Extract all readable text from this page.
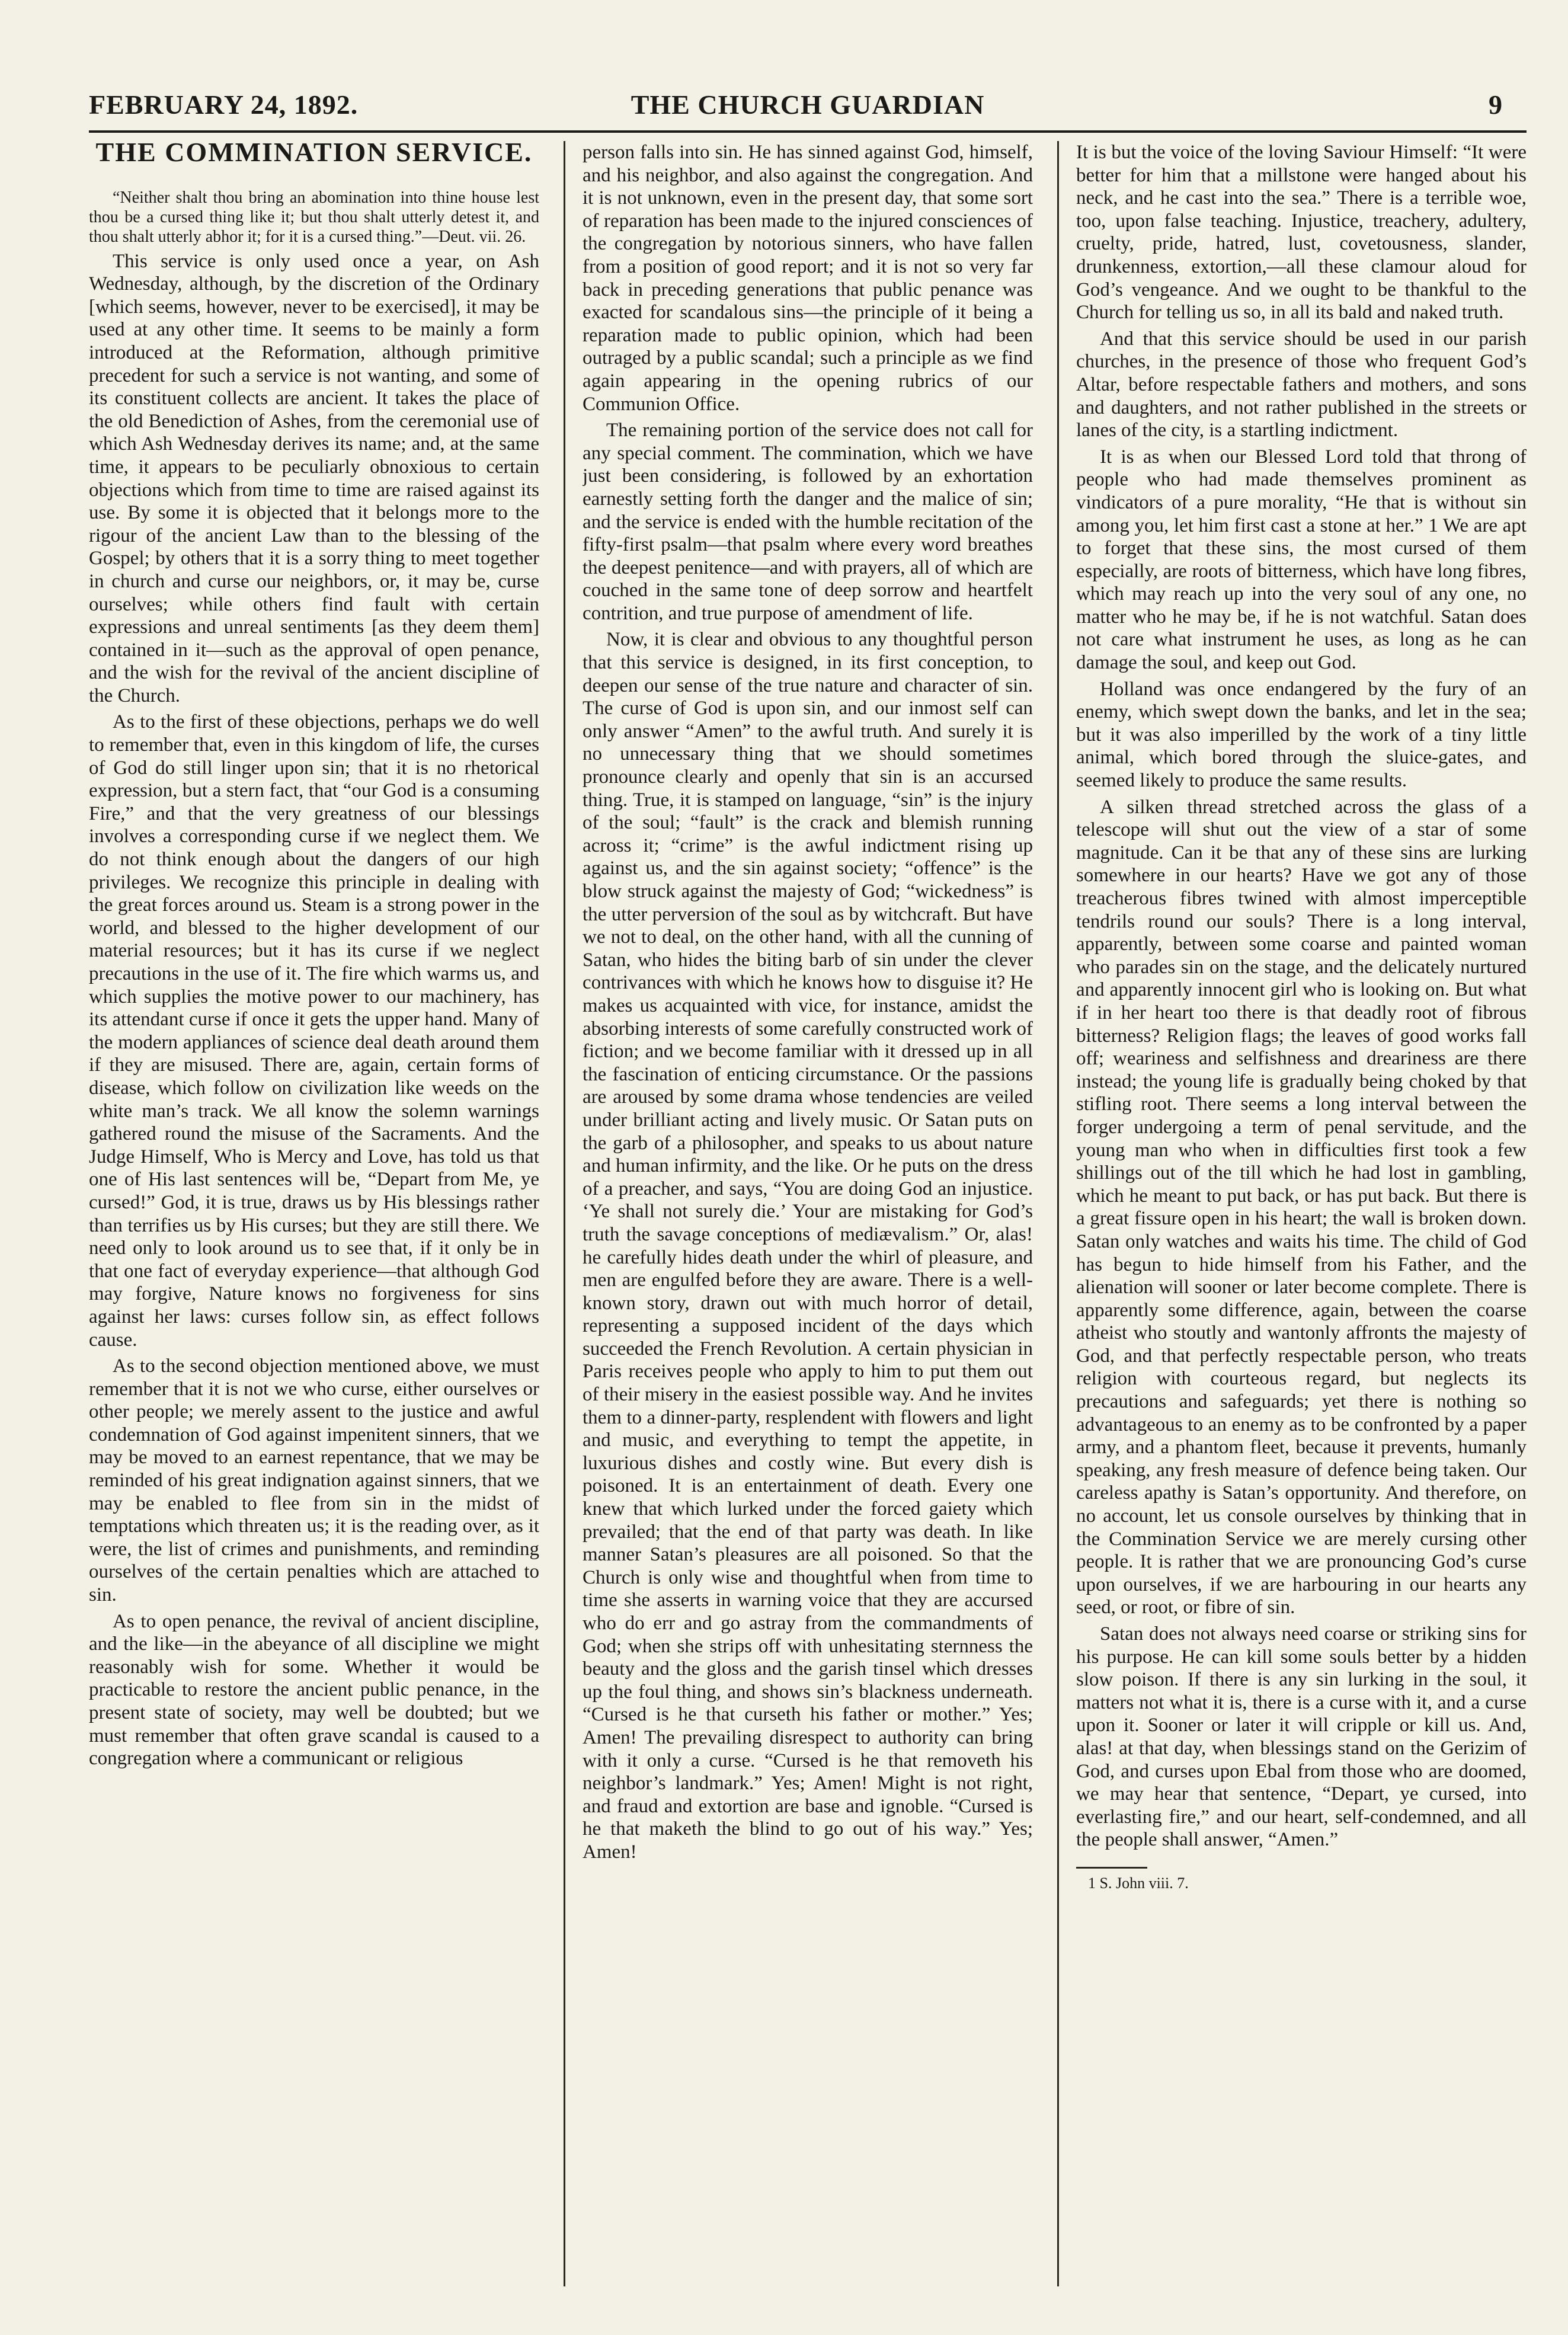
FEBRUARY 24, 1892.	THE CHURCH GUARDIAN	9
THE COMMINATION SERVICE.

“Neither shalt thou bring an abomination into thine house lest thou be a cursed thing like it; but thou shalt utterly detest it, and thou shalt utterly abhor it; for it is a cursed thing.”—Deut. vii. 26.

This service is only used once a year, on Ash Wednesday, although, by the discretion of the Ordinary [which seems, however, never to be exercised], it may be used at any other time. It seems to be mainly a form introduced at the Reformation, although primitive precedent for such a service is not wanting, and some of its constituent collects are ancient. It takes the place of the old Benediction of Ashes, from the ceremonial use of which Ash Wednesday derives its name; and, at the same time, it appears to be peculiarly obnoxious to certain objections which from time to time are raised against its use. By some it is objected that it belongs more to the rigour of the ancient Law than to the blessing of the Gospel; by others that it is a sorry thing to meet together in church and curse our neighbors, or, it may be, curse ourselves; while others find fault with certain expressions and unreal sentiments [as they deem them] contained in it—such as the approval of open penance, and the wish for the revival of the ancient discipline of the Church.

As to the first of these objections, perhaps we do well to remember that, even in this kingdom of life, the curses of God do still linger upon sin; that it is no rhetorical expression, but a stern fact, that “our God is a consuming Fire,” and that the very greatness of our blessings involves a corresponding curse if we neglect them. We do not think enough about the dangers of our high privileges. We recognize this principle in dealing with the great forces around us. Steam is a strong power in the world, and blessed to the higher development of our material resources; but it has its curse if we neglect precautions in the use of it. The fire which warms us, and which supplies the motive power to our machinery, has its attendant curse if once it gets the upper hand. Many of the modern appliances of science deal death around them if they are misused. There are, again, certain forms of disease, which follow on civilization like weeds on the white man’s track. We all know the solemn warnings gathered round the misuse of the Sacraments. And the Judge Himself, Who is Mercy and Love, has told us that one of His last sentences will be, “Depart from Me, ye cursed!” God, it is true, draws us by His blessings rather than terrifies us by His curses; but they are still there. We need only to look around us to see that, if it only be in that one fact of everyday experience—that although God may forgive, Nature knows no forgiveness for sins against her laws: curses follow sin, as effect follows cause.

As to the second objection mentioned above, we must remember that it is not we who curse, either ourselves or other people; we merely assent to the justice and awful condemnation of God against impenitent sinners, that we may be moved to an earnest repentance, that we may be reminded of his great indignation against sinners, that we may be enabled to flee from sin in the midst of temptations which threaten us; it is the reading over, as it were, the list of crimes and punishments, and reminding ourselves of the certain penalties which are attached to sin.

As to open penance, the revival of ancient discipline, and the like—in the abeyance of all discipline we might reasonably wish for some. Whether it would be practicable to restore the ancient public penance, in the present state of society, may well be doubted; but we must remember that often grave scandal is caused to a congregation where a communicant or religious

person falls into sin. He has sinned against God, himself, and his neighbor, and also against the congregation. And it is not unknown, even in the present day, that some sort of reparation has been made to the injured consciences of the congregation by notorious sinners, who have fallen from a position of good report; and it is not so very far back in preceding generations that public penance was exacted for scandalous sins—the principle of it being a reparation made to public opinion, which had been outraged by a public scandal; such a principle as we find again appearing in the opening rubrics of our Communion Office.

The remaining portion of the service does not call for any special comment. The commination, which we have just been considering, is followed by an exhortation earnestly setting forth the danger and the malice of sin; and the service is ended with the humble recitation of the fifty-first psalm—that psalm where every word breathes the deepest penitence—and with prayers, all of which are couched in the same tone of deep sorrow and heartfelt contrition, and true purpose of amendment of life.

Now, it is clear and obvious to any thoughtful person that this service is designed, in its first conception, to deepen our sense of the true nature and character of sin. The curse of God is upon sin, and our inmost self can only answer “Amen” to the awful truth. And surely it is no unnecessary thing that we should sometimes pronounce clearly and openly that sin is an accursed thing. True, it is stamped on language, “sin” is the injury of the soul; “fault” is the crack and blemish running across it; “crime” is the awful indictment rising up against us, and the sin against society; “offence” is the blow struck against the majesty of God; “wickedness” is the utter perversion of the soul as by witchcraft. But have we not to deal, on the other hand, with all the cunning of Satan, who hides the biting barb of sin under the clever contrivances with which he knows how to disguise it? He makes us acquainted with vice, for instance, amidst the absorbing interests of some carefully constructed work of fiction; and we become familiar with it dressed up in all the fascination of enticing circumstance. Or the passions are aroused by some drama whose tendencies are veiled under brilliant acting and lively music. Or Satan puts on the garb of a philosopher, and speaks to us about nature and human infirmity, and the like. Or he puts on the dress of a preacher, and says, “You are doing God an injustice. ‘Ye shall not surely die.’ Your are mistaking for God’s truth the savage conceptions of mediævalism.” Or, alas! he carefully hides death under the whirl of pleasure, and men are engulfed before they are aware. There is a well-known story, drawn out with much horror of detail, representing a supposed incident of the days which succeeded the French Revolution. A certain physician in Paris receives people who apply to him to put them out of their misery in the easiest possible way. And he invites them to a dinner-party, resplendent with flowers and light and music, and everything to tempt the appetite, in luxurious dishes and costly wine. But every dish is poisoned. It is an entertainment of death. Every one knew that which lurked under the forced gaiety which prevailed; that the end of that party was death. In like manner Satan’s pleasures are all poisoned. So that the Church is only wise and thoughtful when from time to time she asserts in warning voice that they are accursed who do err and go astray from the commandments of God; when she strips off with unhesitating sternness the beauty and the gloss and the garish tinsel which dresses up the foul thing, and shows sin’s blackness underneath. “Cursed is he that curseth his father or mother.” Yes; Amen! The prevailing disrespect to authority can bring with it only a curse. “Cursed is he that removeth his neighbor’s landmark.” Yes; Amen! Might is not right, and fraud and extortion are base and ignoble. “Cursed is he that maketh the blind to go out of his way.” Yes; Amen!

It is but the voice of the loving Saviour Himself: “It were better for him that a millstone were hanged about his neck, and he cast into the sea.” There is a terrible woe, too, upon false teaching. Injustice, treachery, adultery, cruelty, pride, hatred, lust, covetousness, slander, drunkenness, extortion,—all these clamour aloud for God’s vengeance. And we ought to be thankful to the Church for telling us so, in all its bald and naked truth.

And that this service should be used in our parish churches, in the presence of those who frequent God’s Altar, before respectable fathers and mothers, and sons and daughters, and not rather published in the streets or lanes of the city, is a startling indictment.

It is as when our Blessed Lord told that throng of people who had made themselves prominent as vindicators of a pure morality, “He that is without sin among you, let him first cast a stone at her.” 1 We are apt to forget that these sins, the most cursed of them especially, are roots of bitterness, which have long fibres, which may reach up into the very soul of any one, no matter who he may be, if he is not watchful. Satan does not care what instrument he uses, as long as he can damage the soul, and keep out God.

Holland was once endangered by the fury of an enemy, which swept down the banks, and let in the sea; but it was also imperilled by the work of a tiny little animal, which bored through the sluice-gates, and seemed likely to produce the same results.

A silken thread stretched across the glass of a telescope will shut out the view of a star of some magnitude. Can it be that any of these sins are lurking somewhere in our hearts? Have we got any of those treacherous fibres twined with almost imperceptible tendrils round our souls? There is a long interval, apparently, between some coarse and painted woman who parades sin on the stage, and the delicately nurtured and apparently innocent girl who is looking on. But what if in her heart too there is that deadly root of fibrous bitterness? Religion flags; the leaves of good works fall off; weariness and selfishness and dreariness are there instead; the young life is gradually being choked by that stifling root. There seems a long interval between the forger undergoing a term of penal servitude, and the young man who when in difficulties first took a few shillings out of the till which he had lost in gambling, which he meant to put back, or has put back. But there is a great fissure open in his heart; the wall is broken down. Satan only watches and waits his time. The child of God has begun to hide himself from his Father, and the alienation will sooner or later become complete. There is apparently some difference, again, between the coarse atheist who stoutly and wantonly affronts the majesty of God, and that perfectly respectable person, who treats religion with courteous regard, but neglects its precautions and safeguards; yet there is nothing so advantageous to an enemy as to be confronted by a paper army, and a phantom fleet, because it prevents, humanly speaking, any fresh measure of defence being taken. Our careless apathy is Satan’s opportunity. And therefore, on no account, let us console ourselves by thinking that in the Commination Service we are merely cursing other people. It is rather that we are pronouncing God’s curse upon ourselves, if we are harbouring in our hearts any seed, or root, or fibre of sin.

Satan does not always need coarse or striking sins for his purpose. He can kill some souls better by a hidden slow poison. If there is any sin lurking in the soul, it matters not what it is, there is a curse with it, and a curse upon it. Sooner or later it will cripple or kill us. And, alas! at that day, when blessings stand on the Gerizim of God, and curses upon Ebal from those who are doomed, we may hear that sentence, “Depart, ye cursed, into everlasting fire,” and our heart, self-condemned, and all the people shall answer, “Amen.”

1 S. John viii. 7.
